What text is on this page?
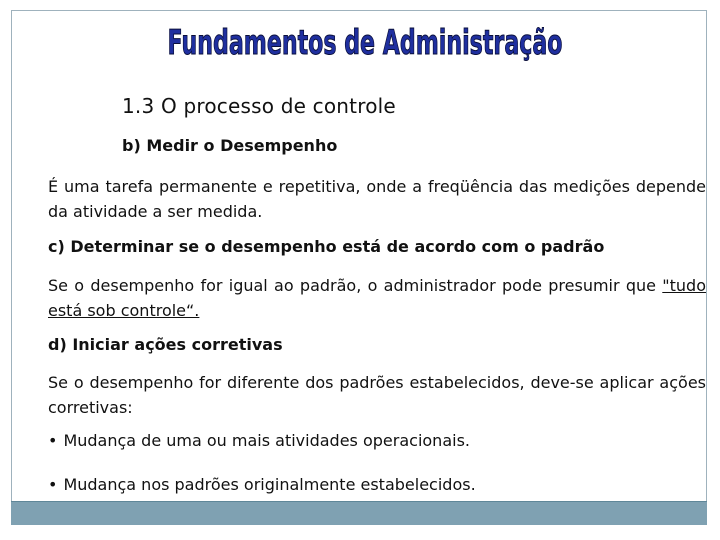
Fundamentos de Administração
1.3 O processo de controle
b) Medir o Desempenho
É uma tarefa permanente e repetitiva, onde a freqüência das medições depende da atividade a ser medida.
c) Determinar se o desempenho está de acordo com o padrão
Se o desempenho for igual ao padrão, o administrador pode presumir que "tudo está sob controle“.
d) Iniciar ações corretivas
Se o desempenho for diferente dos padrões estabelecidos, deve-se aplicar ações corretivas:
• Mudança de uma ou mais atividades operacionais.
• Mudança nos padrões originalmente estabelecidos.
